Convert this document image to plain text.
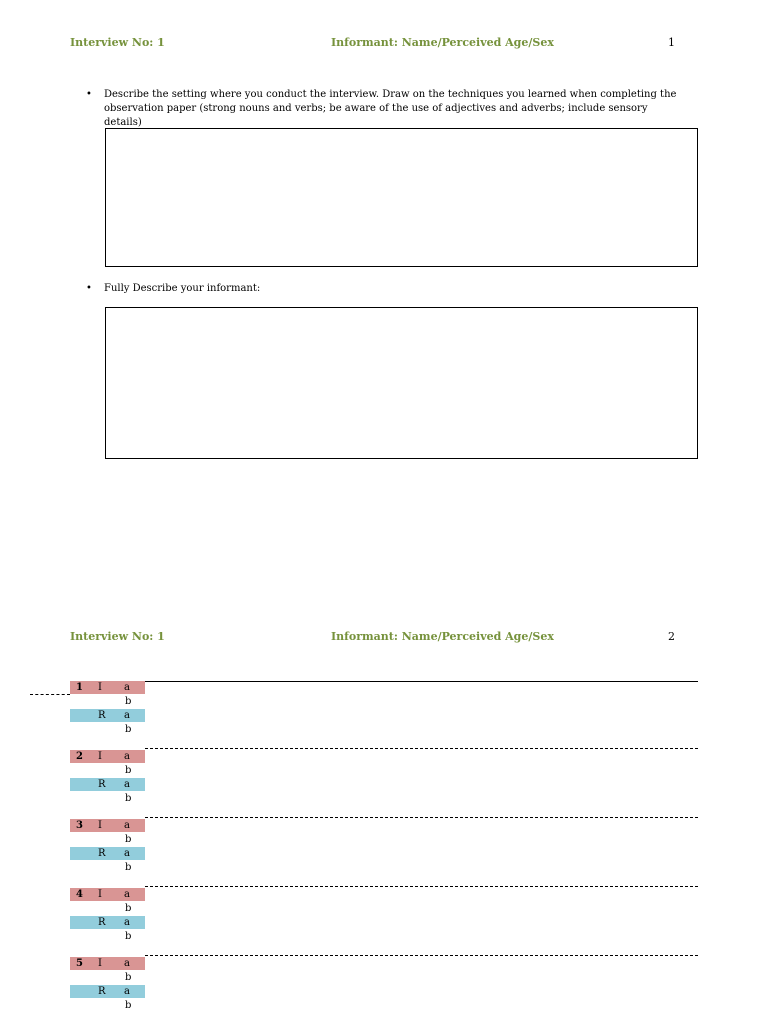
Interview No: 1	Informant: Name/Perceived Age/Sex	1
• Describe the setting where you conduct the interview. Draw on the techniques you learned when completing the observation paper (strong nouns and verbs; be aware of the use of adjectives and adverbs; include sensory details)
• Fully Describe your informant:
Interview No: 1	Informant: Name/Perceived Age/Sex	2
1 I a
b
R a
b
2 I a
b
R a
b
3 I a
b
R a
b
4 I a
b
R a
b
5 I a
b
R a
b
